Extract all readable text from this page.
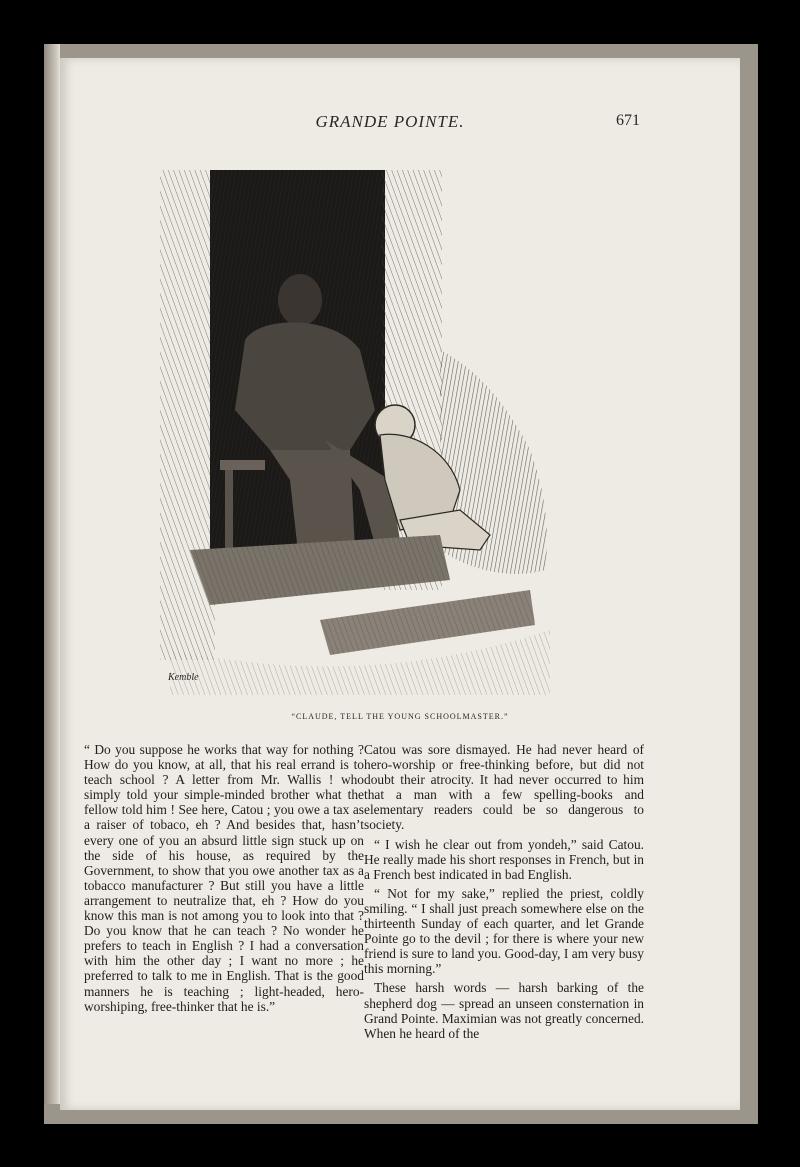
GRANDE POINTE.	671
Kemble
“CLAUDE, TELL THE YOUNG SCHOOLMASTER.”

“ Do you suppose he works that way for nothing ? How do you know, at all, that his real errand is to teach school ? A letter from Mr. Wallis ! who simply told your simple-minded brother what the fellow told him ! See here, Catou ; you owe a tax as a raiser of tobaco, eh ? And besides that, hasn’t every one of you an absurd little sign stuck up on the side of his house, as required by the Government, to show that you owe another tax as a tobacco manufacturer ? But still you have a little arrangement to neutralize that, eh ? How do you know this man is not among you to look into that ? Do you know that he can teach ? No wonder he prefers to teach in English ? I had a conversation with him the other day ; I want no more ; he preferred to talk to me in English. That is the good manners he is teaching ; light-headed, hero-worshiping, free-thinker that he is.”

Catou was sore dismayed. He had never heard of hero-worship or free-thinking before, but did not doubt their atrocity. It had never occurred to him that a man with a few spelling-books and elementary readers could be so dangerous to society.

“ I wish he clear out from yondeh,” said Catou. He really made his short responses in French, but in a French best indicated in bad English.

“ Not for my sake,” replied the priest, coldly smiling. “ I shall just preach somewhere else on the thirteenth Sunday of each quarter, and let Grande Pointe go to the devil ; for there is where your new friend is sure to land you. Good-day, I am very busy this morning.”

These harsh words — harsh barking of the shepherd dog — spread an unseen consternation in Grand Pointe. Maximian was not greatly concerned. When he heard of the
